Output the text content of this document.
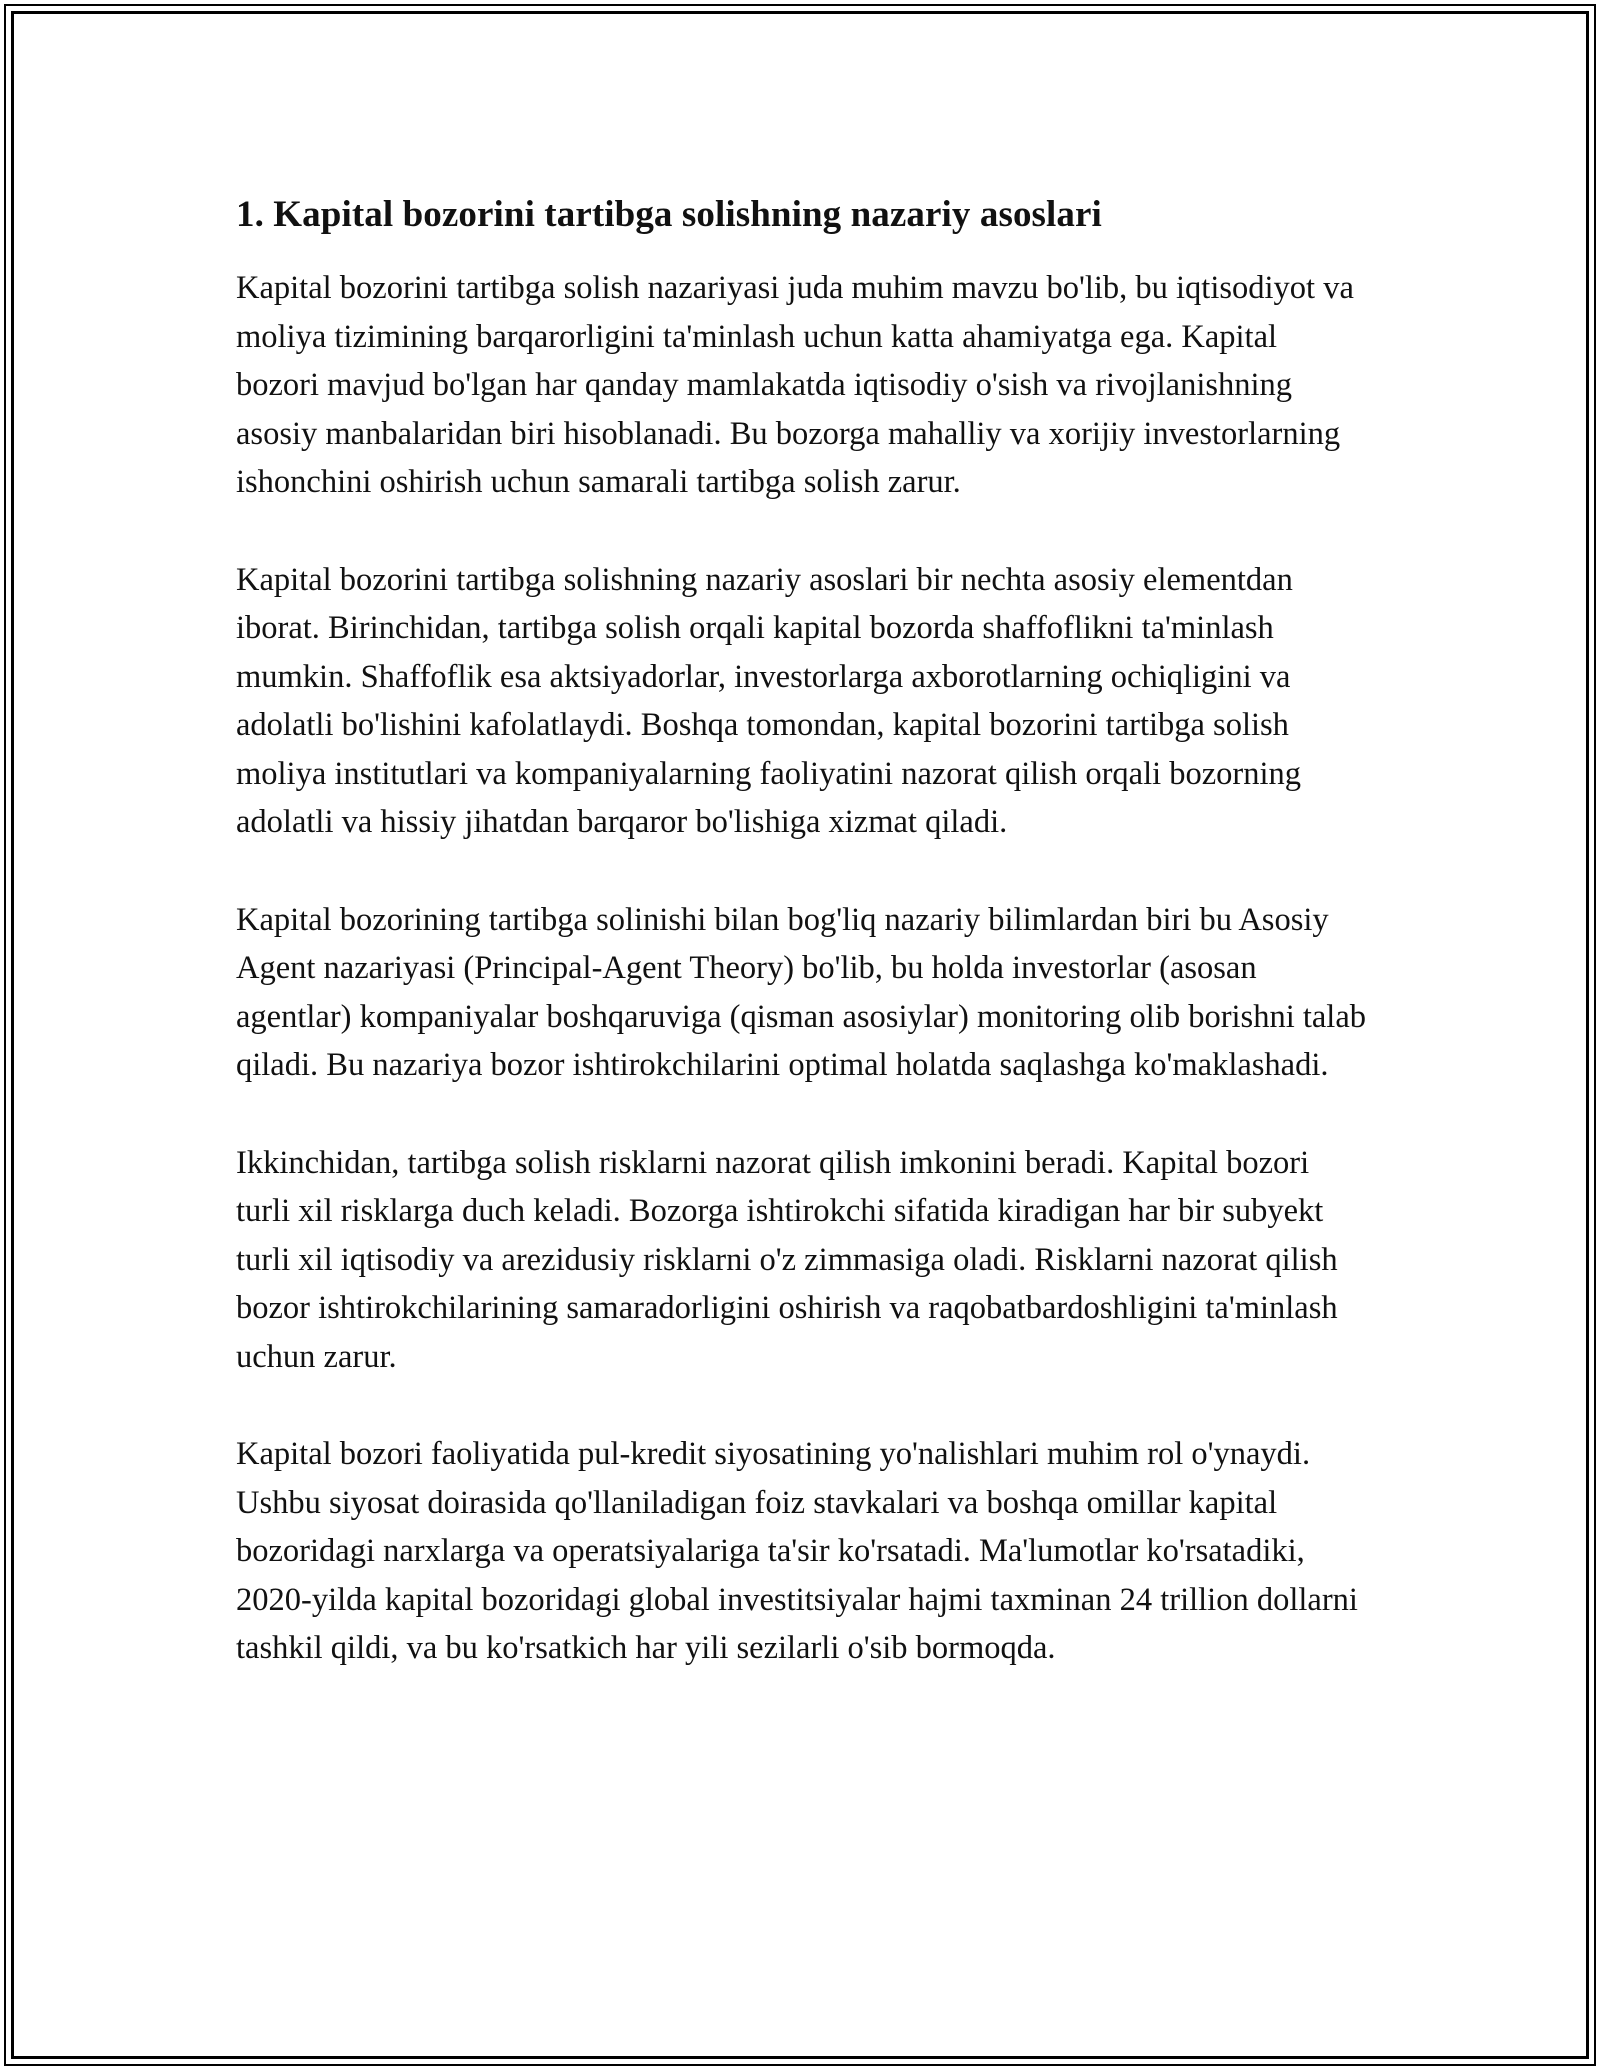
1. Kapital bozorini tartibga solishning nazariy asoslari

Kapital bozorini tartibga solish nazariyasi juda muhim mavzu bo'lib, bu iqtisodiyot va moliya tizimining barqarorligini ta'minlash uchun katta ahamiyatga ega. Kapital bozori mavjud bo'lgan har qanday mamlakatda iqtisodiy o'sish va rivojlanishning asosiy manbalaridan biri hisoblanadi. Bu bozorga mahalliy va xorijiy investorlarning ishonchini oshirish uchun samarali tartibga solish zarur.

Kapital bozorini tartibga solishning nazariy asoslari bir nechta asosiy elementdan iborat. Birinchidan, tartibga solish orqali kapital bozorda shaffoflikni ta'minlash mumkin. Shaffoflik esa aktsiyadorlar, investorlarga axborotlarning ochiqligini va adolatli bo'lishini kafolatlaydi. Boshqa tomondan, kapital bozorini tartibga solish moliya institutlari va kompaniyalarning faoliyatini nazorat qilish orqali bozorning adolatli va hissiy jihatdan barqaror bo'lishiga xizmat qiladi.

Kapital bozorining tartibga solinishi bilan bog'liq nazariy bilimlardan biri bu Asosiy Agent nazariyasi (Principal-Agent Theory) bo'lib, bu holda investorlar (asosan agentlar) kompaniyalar boshqaruviga (qisman asosiylar) monitoring olib borishni talab qiladi. Bu nazariya bozor ishtirokchilarini optimal holatda saqlashga ko'maklashadi.

Ikkinchidan, tartibga solish risklarni nazorat qilish imkonini beradi. Kapital bozori turli xil risklarga duch keladi. Bozorga ishtirokchi sifatida kiradigan har bir subyekt turli xil iqtisodiy va arezidusiy risklarni o'z zimmasiga oladi. Risklarni nazorat qilish bozor ishtirokchilarining samaradorligini oshirish va raqobatbardoshligini ta'minlash uchun zarur.

Kapital bozori faoliyatida pul-kredit siyosatining yo'nalishlari muhim rol o'ynaydi. Ushbu siyosat doirasida qo'llaniladigan foiz stavkalari va boshqa omillar kapital bozoridagi narxlarga va operatsiyalariga ta'sir ko'rsatadi. Ma'lumotlar ko'rsatadiki, 2020-yilda kapital bozoridagi global investitsiyalar hajmi taxminan 24 trillion dollarni tashkil qildi, va bu ko'rsatkich har yili sezilarli o'sib bormoqda.
